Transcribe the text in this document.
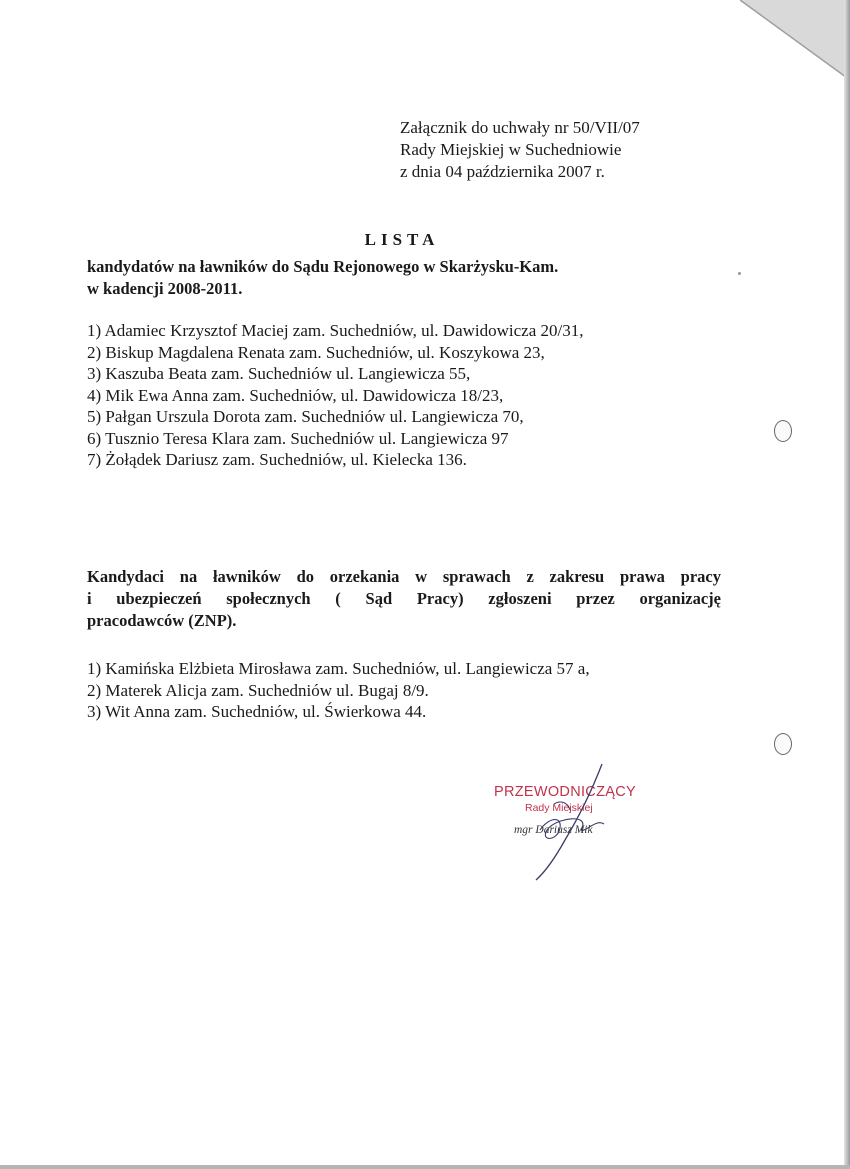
Załącznik do uchwały nr 50/VII/07
Rady Miejskiej w Suchedniowie
z dnia 04 października 2007 r.
LISTA
kandydatów na ławników do Sądu Rejonowego w Skarżysku-Kam.
w kadencji 2008-2011.
1) Adamiec Krzysztof Maciej zam. Suchedniów, ul. Dawidowicza 20/31,
2) Biskup Magdalena Renata zam. Suchedniów, ul. Koszykowa 23,
3) Kaszuba Beata zam. Suchedniów ul. Langiewicza 55,
4) Mik Ewa Anna zam. Suchedniów, ul. Dawidowicza 18/23,
5) Pałgan Urszula Dorota zam. Suchedniów ul. Langiewicza 70,
6) Tusznio Teresa Klara zam. Suchedniów ul. Langiewicza 97
7) Żołądek Dariusz zam. Suchedniów, ul. Kielecka 136.
Kandydaci na ławników do orzekania w sprawach z zakresu prawa pracy
i ubezpieczeń społecznych ( Sąd Pracy) zgłoszeni przez organizację
pracodawców (ZNP).
1) Kamińska Elżbieta Mirosława zam. Suchedniów, ul. Langiewicza 57 a,
2) Materek Alicja zam. Suchedniów ul. Bugaj 8/9.
3) Wit Anna zam. Suchedniów, ul. Świerkowa 44.
PRZEWODNICZĄCY
Rady Miejskiej
mgr Dariusz Mik
